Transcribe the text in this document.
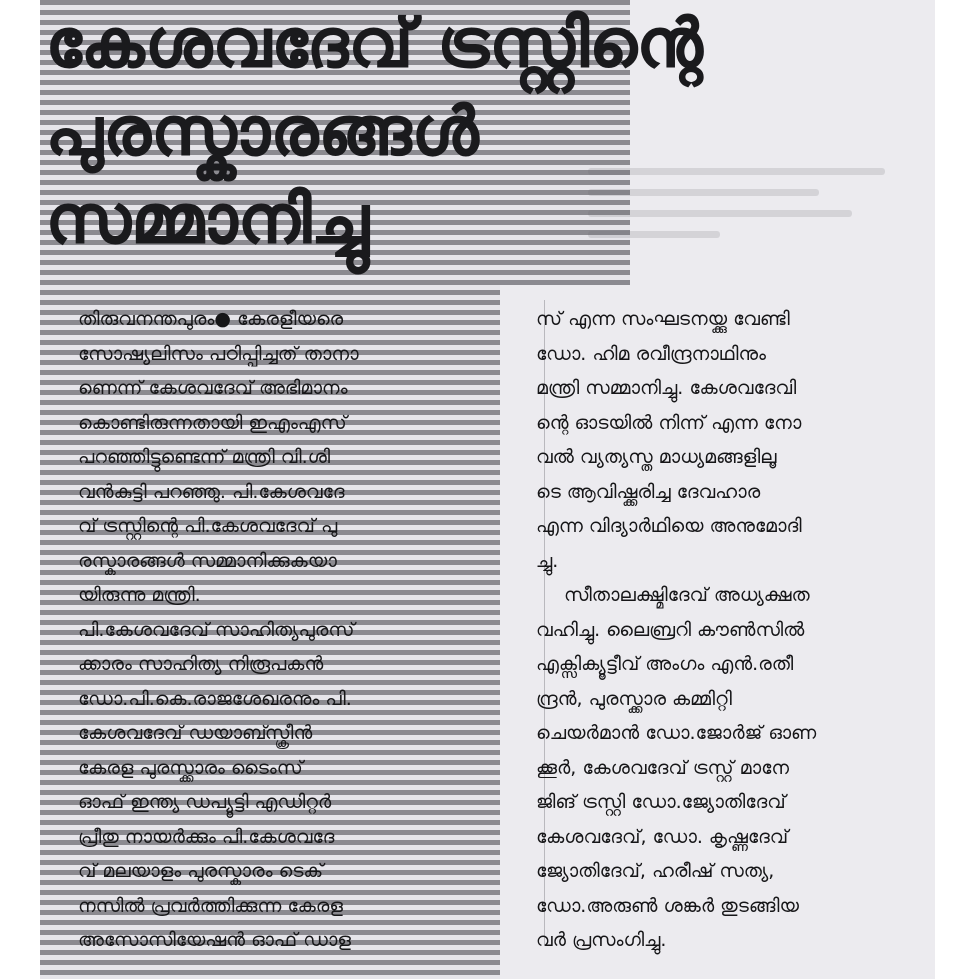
കേശവദേവ് ട്രസ്റ്റിന്റെ
പുരസ്കാരങ്ങൾ
സമ്മാനിച്ചു

തിരുവനന്തപുരം● കേരളീയരെ

സോഷ്യലിസം പഠിപ്പിച്ചത് താനാ

ണെന്ന് കേശവദേവ് അഭിമാനം

കൊണ്ടിരുന്നതായി ഇഎംഎസ്

പറഞ്ഞിട്ടുണ്ടെന്ന് മന്ത്രി വി.ശി

വൻകുട്ടി പറഞ്ഞു. പി.കേശവദേ

വ് ട്രസ്റ്റിന്റെ പി.കേശവദേവ് പു

രസ്കാരങ്ങൾ സമ്മാനിക്കുകയാ

യിരുന്നു മന്ത്രി.

പി.കേശവദേവ് സാഹിത്യപുരസ്

ക്കാരം സാഹിത്യ നിരൂപകൻ

ഡോ.പി.കെ.രാജശേഖരനും പി.

കേശവദേവ് ഡയാബ്സ്ക്രീൻ

കേരള പുരസ്ക്കാരം ടൈംസ്

ഓഫ് ഇന്ത്യ ഡപ്യൂട്ടി എഡിറ്റർ

പ്രീതു നായർക്കും പി.കേശവദേ

വ് മലയാളം പുരസ്കാരം ടെക്

നസിൽ പ്രവർത്തിക്കുന്ന കേരള

അസോസിയേഷൻ ഓഫ് ഡാള

സ് എന്ന സംഘടനയ്ക്കു വേണ്ടി

ഡോ. ഹിമ രവീന്ദ്രനാഥിനും

മന്ത്രി സമ്മാനിച്ചു. കേശവദേവി

ന്റെ ഓടയിൽ നിന്ന് എന്ന നോ

വൽ വ്യത്യസ്ത മാധ്യമങ്ങളിലൂ

ടെ ആവിഷ്ക്കരിച്ച ദേവഹാര

എന്ന വിദ്യാർഥിയെ അനുമോദി

ച്ചു.

സീതാലക്ഷ്മിദേവ് അധ്യക്ഷത

വഹിച്ചു. ലൈബ്രറി കൗൺസിൽ

എക്സിക്യൂട്ടീവ് അംഗം എൻ.രതീ

ന്ദ്രൻ, പുരസ്ക്കാര കമ്മിറ്റി

ചെയർമാൻ ഡോ.ജോർജ് ഓണ

ക്കൂർ, കേശവദേവ് ട്രസ്റ്റ് മാനേ

ജിങ് ട്രസ്റ്റി ഡോ.ജ്യോതിദേവ്

കേശവദേവ്, ഡോ. കൃഷ്ണദേവ്

ജ്യോതിദേവ്, ഹരീഷ് സത്യ,

ഡോ.അരുൺ ശങ്കർ തുടങ്ങിയ

വർ പ്രസംഗിച്ചു.
